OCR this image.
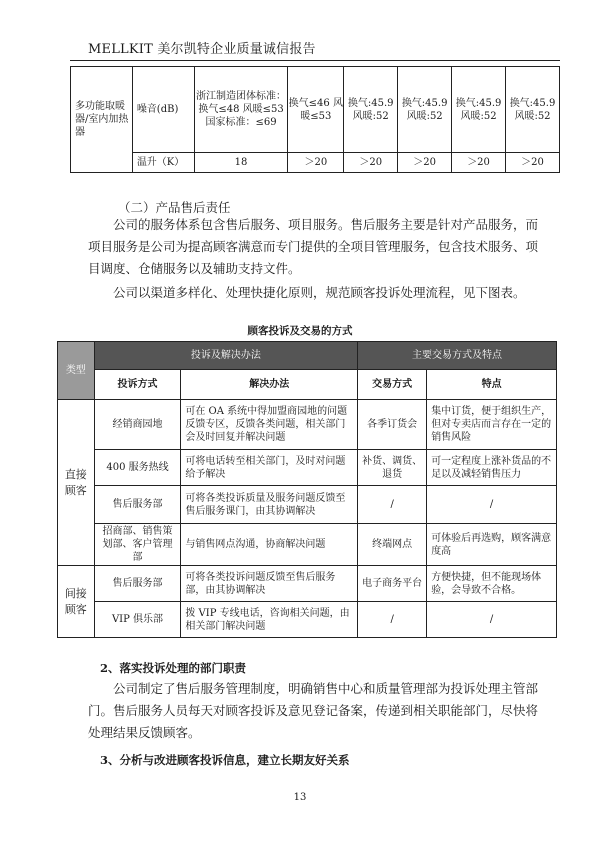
MELLKIT 美尔凯特企业质量诚信报告
多功能取暖器/室内加热器	噪音(dB)	浙江制造团体标准：换气≤48 风暖≤53 国家标准：≤69	换气≤46 风暖≤53	换气:45.9 风暖:52	换气:45.9 风暖:52	换气:45.9 风暖:52	换气:45.9 风暖:52
	温升（K）	18	＞20	＞20	＞20	＞20	＞20
（二）产品售后责任
公司的服务体系包含售后服务、项目服务。售后服务主要是针对产品服务，而项目服务是公司为提高顾客满意而专门提供的全项目管理服务，包含技术服务、项目调度、仓储服务以及辅助支持文件。
公司以渠道多样化、处理快捷化原则，规范顾客投诉处理流程，见下图表。
顾客投诉及交易的方式
类型	投诉及解决办法		主要交易方式及特点	
	投诉方式	解决办法	交易方式	特点
直接顾客	经销商园地	可在 OA 系统中得加盟商园地的问题反馈专区，反馈各类问题，相关部门会及时回复并解决问题	各季订货会	集中订货，便于组织生产，但对专卖店而言存在一定的销售风险
	400 服务热线	可将电话转至相关部门，及时对问题给予解决	补货、调货、退货	可一定程度上涨补货品的不足以及减轻销售压力
	售后服务部	可将各类投诉质量及服务问题反馈至售后服务课门，由其协调解决	/	/
	招商部、销售策划部、客户管理部	与销售网点沟通，协商解决问题	终端网点	可体验后再选购，顾客满意度高
间接顾客	售后服务部	可将各类投诉问题反馈至售后服务部，由其协调解决	电子商务平台	方便快捷，但不能现场体验，会导致不合格。
	VIP 俱乐部	拨 VIP 专线电话，咨询相关问题，由相关部门解决问题	/	/
2、落实投诉处理的部门职责
公司制定了售后服务管理制度，明确销售中心和质量管理部为投诉处理主管部门。售后服务人员每天对顾客投诉及意见登记备案，传递到相关职能部门，尽快将处理结果反馈顾客。
3、分析与改进顾客投诉信息，建立长期友好关系
13
